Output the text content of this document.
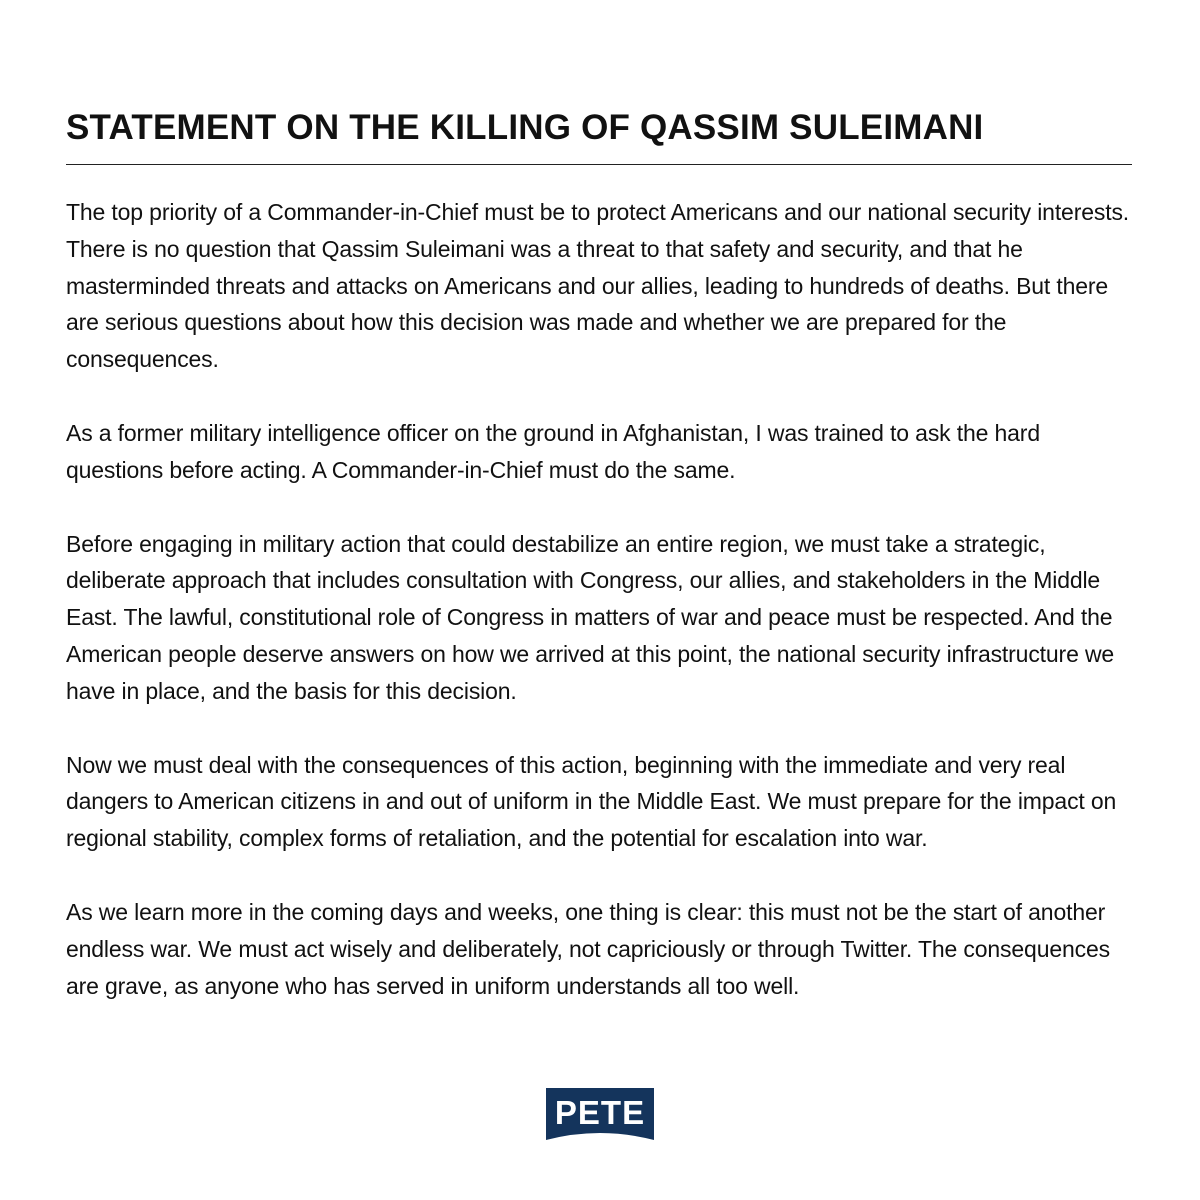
STATEMENT ON THE KILLING OF QASSIM SULEIMANI

The top priority of a Commander-in-Chief must be to protect Americans and our national security interests. There is no question that Qassim Suleimani was a threat to that safety and security, and that he masterminded threats and attacks on Americans and our allies, leading to hundreds of deaths. But there are serious questions about how this decision was made and whether we are prepared for the consequences.

As a former military intelligence officer on the ground in Afghanistan, I was trained to ask the hard questions before acting. A Commander-in-Chief must do the same.

Before engaging in military action that could destabilize an entire region, we must take a strategic, deliberate approach that includes consultation with Congress, our allies, and stakeholders in the Middle East. The lawful, constitutional role of Congress in matters of war and peace must be respected. And the American people deserve answers on how we arrived at this point, the national security infrastructure we have in place, and the basis for this decision.

Now we must deal with the consequences of this action, beginning with the immediate and very real dangers to American citizens in and out of uniform in the Middle East. We must prepare for the impact on regional stability, complex forms of retaliation, and the potential for escalation into war.

As we learn more in the coming days and weeks, one thing is clear: this must not be the start of another endless war. We must act wisely and deliberately, not capriciously or through Twitter. The consequences are grave, as anyone who has served in uniform understands all too well.

PETE
